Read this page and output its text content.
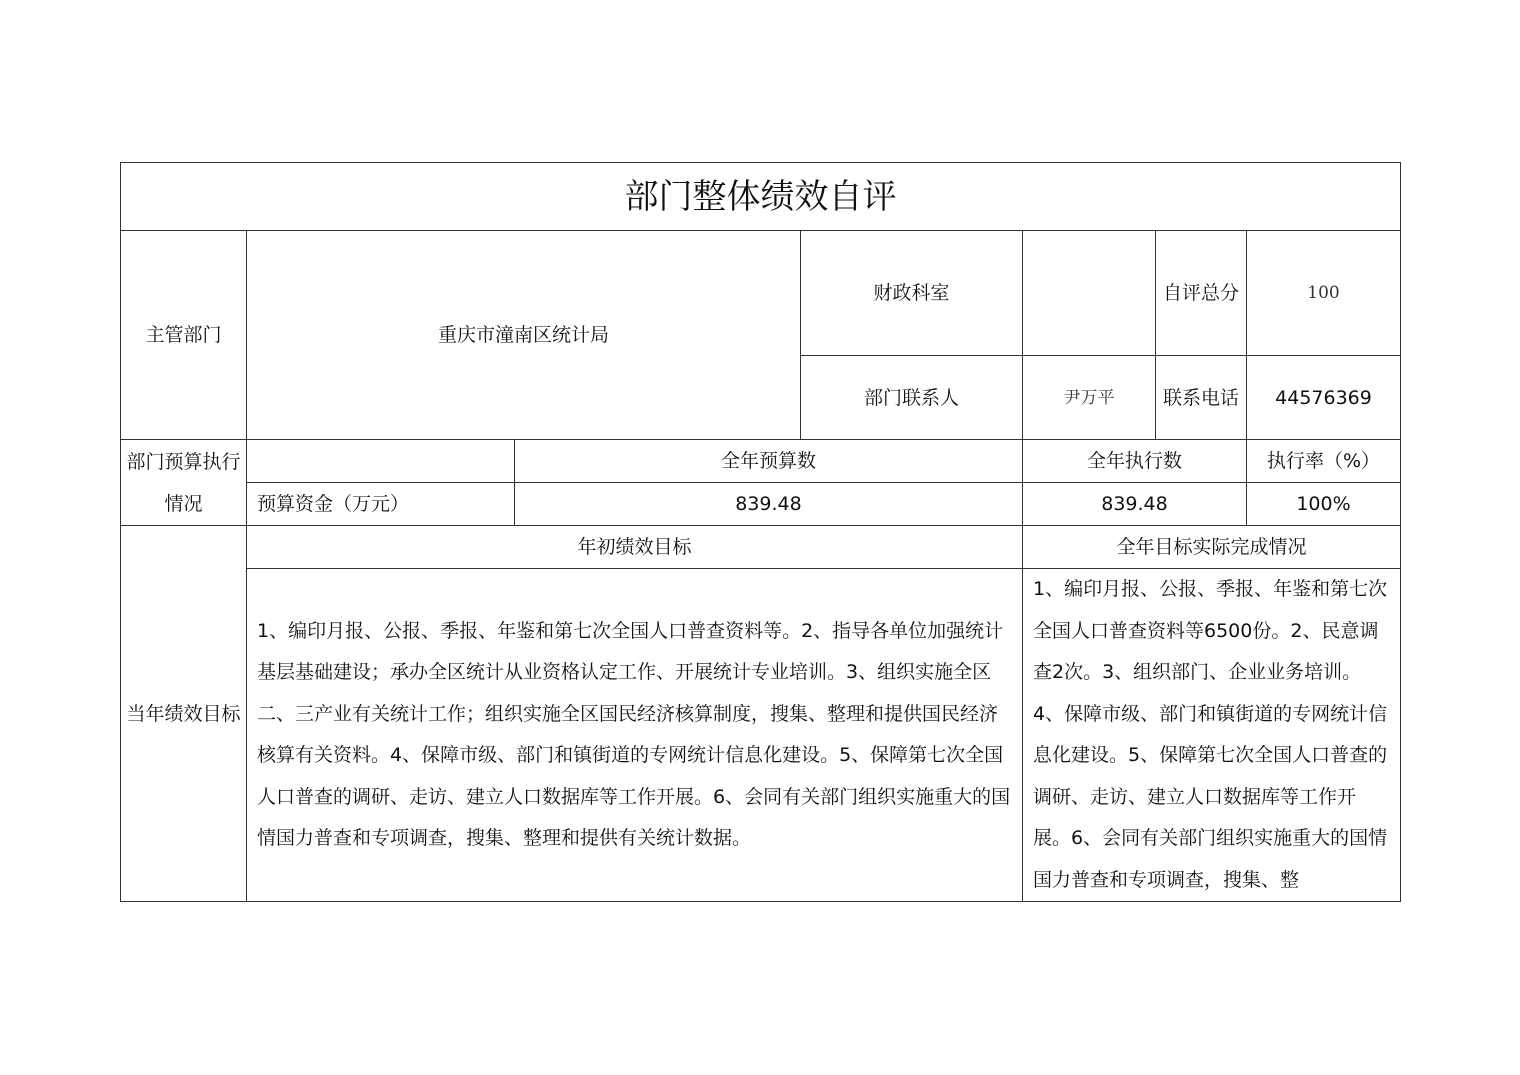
部门整体绩效自评						
主管部门	重庆市潼南区统计局		财政科室		自评总分	100
			部门联系人	尹万平	联系电话	44576369
部门预算执行情况		全年预算数		全年执行数		执行率（%）
	预算资金（万元）	839.48		839.48		100%
当年绩效目标	年初绩效目标			全年目标实际完成情况		
	1、编印月报、公报、季报、年鉴和第七次全国人口普查资料等。2、指导各单位加强统计基层基础建设；承办全区统计从业资格认定工作、开展统计专业培训。3、组织实施全区二、三产业有关统计工作；组织实施全区国民经济核算制度，搜集、整理和提供国民经济核算有关资料。4、保障市级、部门和镇街道的专网统计信息化建设。5、保障第七次全国人口普查的调研、走访、建立人口数据库等工作开展。6、会同有关部门组织实施重大的国情国力普查和专项调查，搜集、整理和提供有关统计数据。			1、编印月报、公报、季报、年鉴和第七次全国人口普查资料等6500份。2、民意调查2次。3、组织部门、企业业务培训。4、保障市级、部门和镇街道的专网统计信息化建设。5、保障第七次全国人口普查的调研、走访、建立人口数据库等工作开展。6、会同有关部门组织实施重大的国情国力普查和专项调查，搜集、整		
